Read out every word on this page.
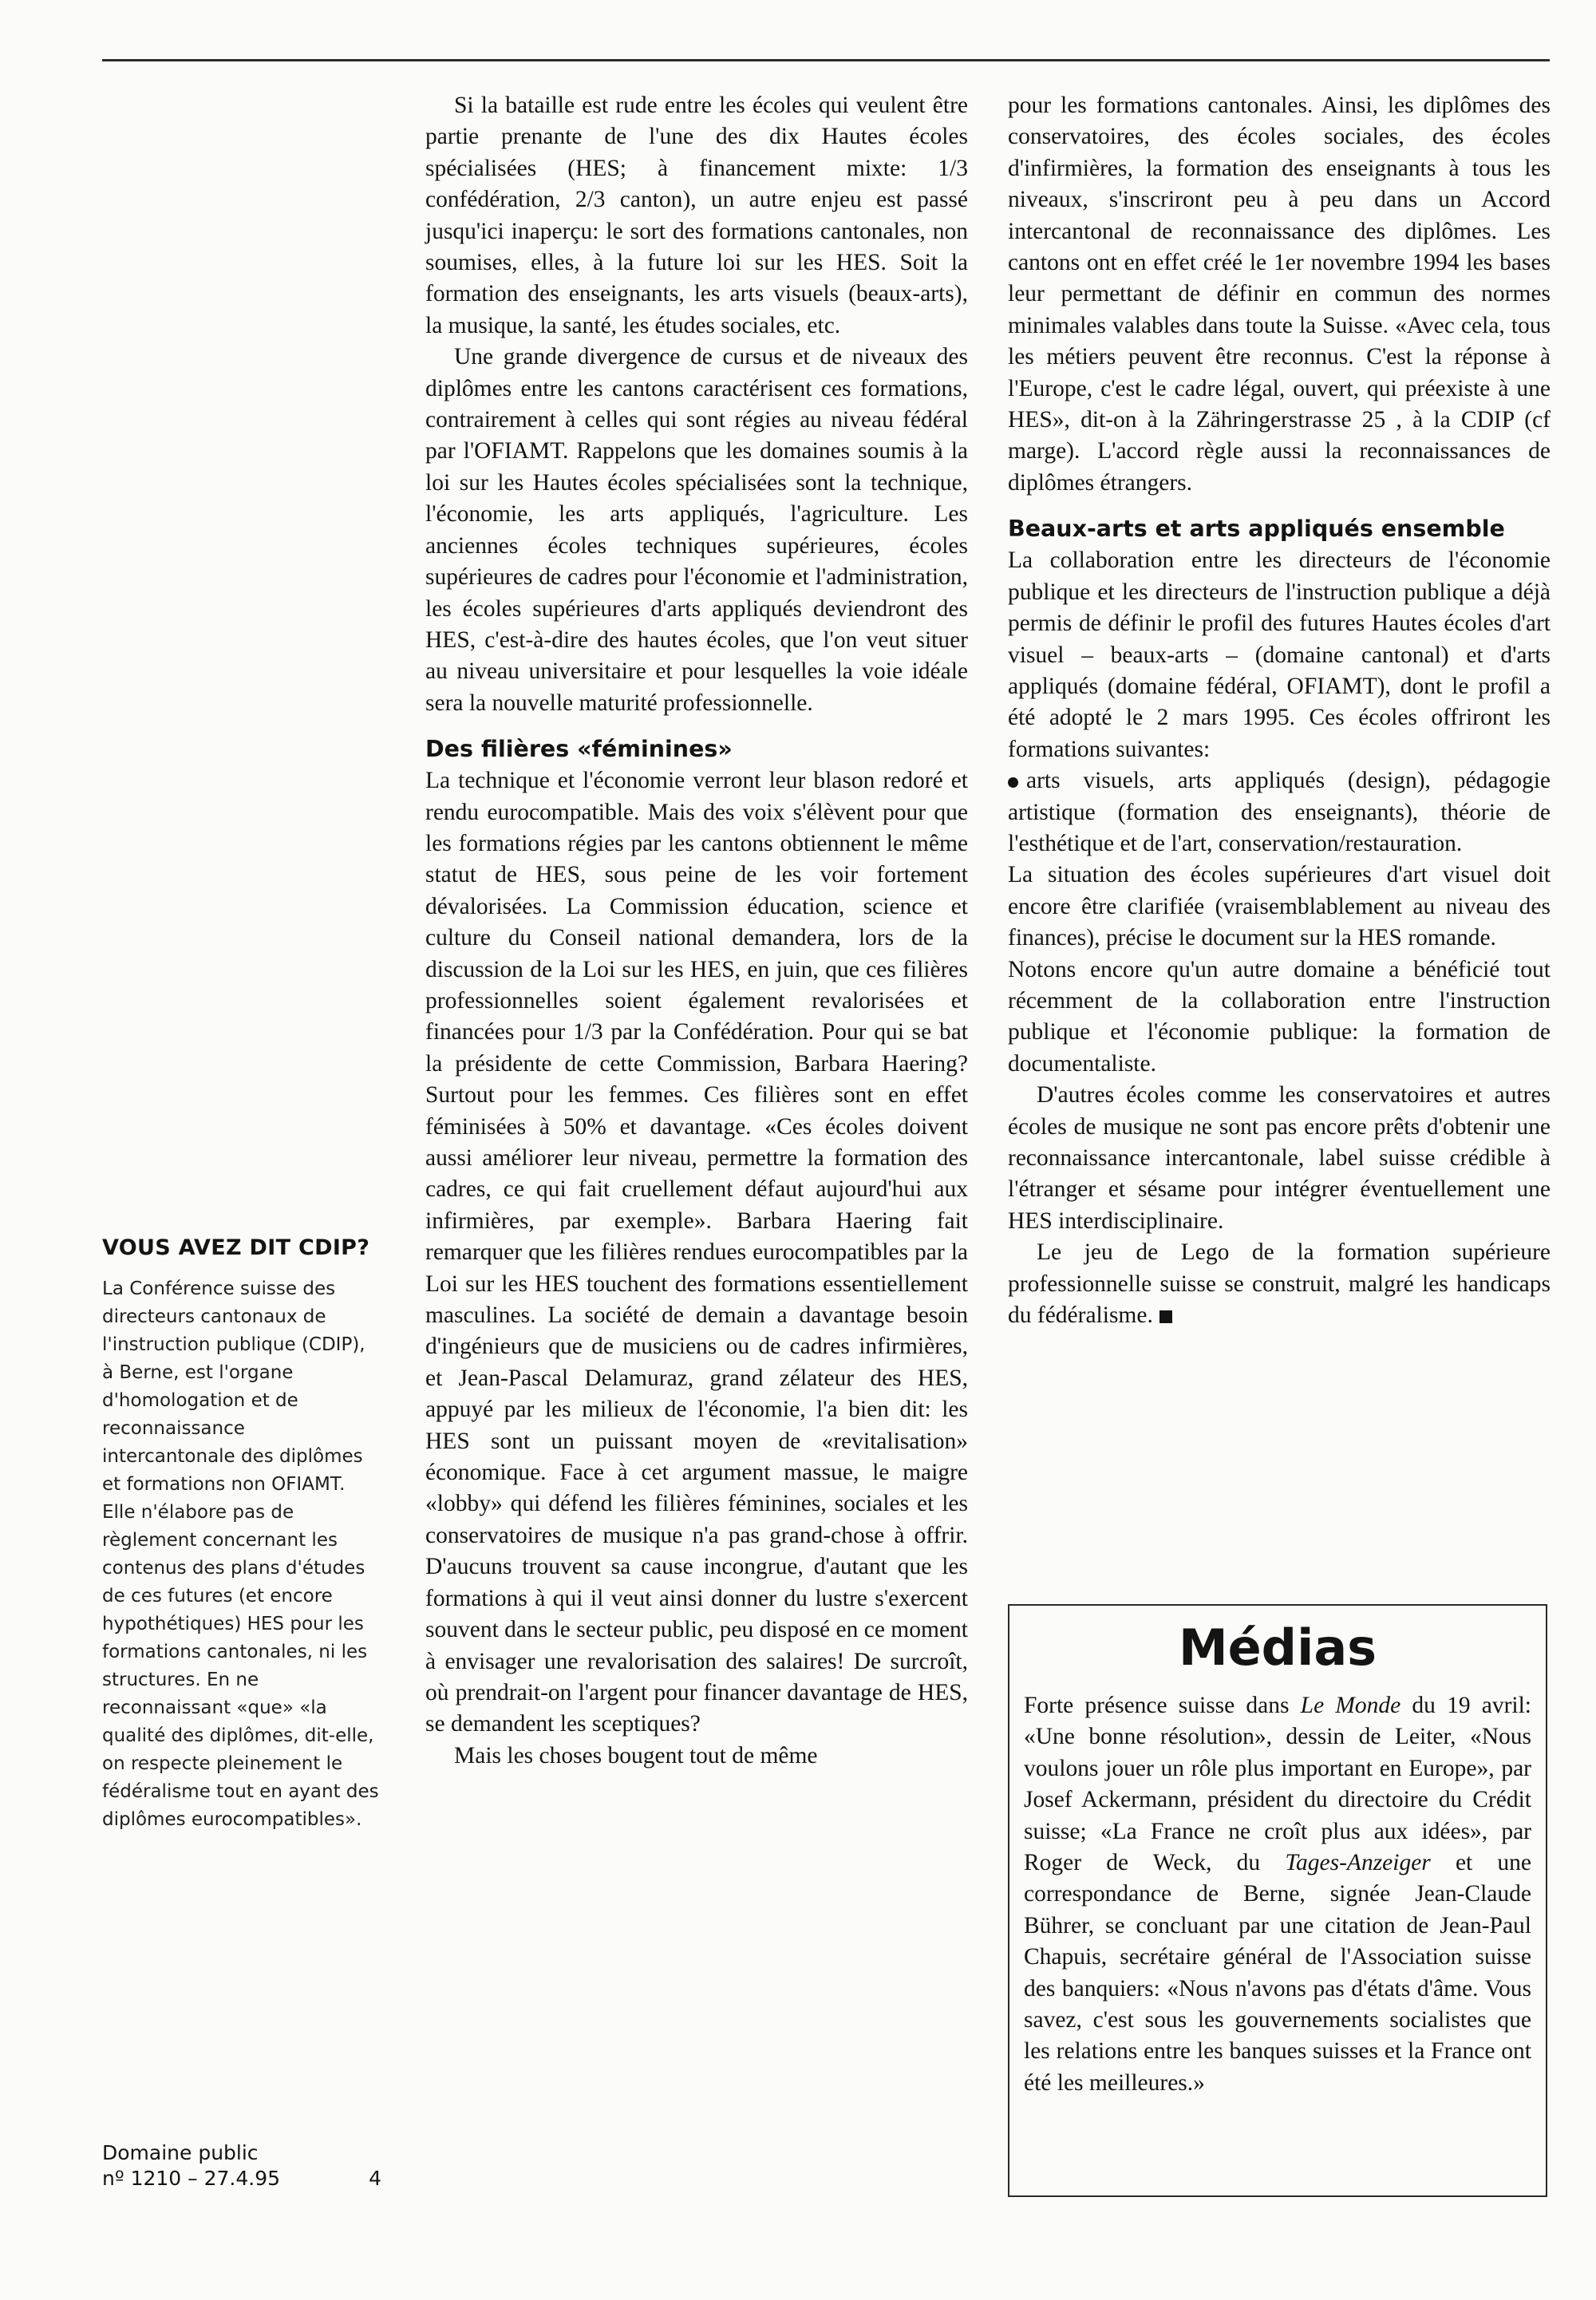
VOUS AVEZ DIT CDIP?

La Conférence suisse des directeurs cantonaux de l'instruction publique (CDIP), à Berne, est l'organe d'homologation et de reconnaissance intercantonale des diplômes et formations non OFIAMT. Elle n'élabore pas de règlement concernant les contenus des plans d'études de ces futures (et encore hypothétiques) HES pour les formations cantonales, ni les structures. En ne reconnaissant «que» «la qualité des diplômes, dit-elle, on respecte pleinement le fédéralisme tout en ayant des diplômes eurocompatibles».

Domaine public
nº 1210 – 27.4.95	4

Si la bataille est rude entre les écoles qui veulent être partie prenante de l'une des dix Hautes écoles spécialisées (HES; à financement mixte: 1/3 confédération, 2/3 canton), un autre enjeu est passé jusqu'ici inaperçu: le sort des formations cantonales, non soumises, elles, à la future loi sur les HES. Soit la formation des enseignants, les arts visuels (beaux-arts), la musique, la santé, les études sociales, etc.

Une grande divergence de cursus et de niveaux des diplômes entre les cantons caractérisent ces formations, contrairement à celles qui sont régies au niveau fédéral par l'OFIAMT. Rappelons que les domaines soumis à la loi sur les Hautes écoles spécialisées sont la technique, l'économie, les arts appliqués, l'agriculture. Les anciennes écoles techniques supérieures, écoles supérieures de cadres pour l'économie et l'administration, les écoles supérieures d'arts appliqués deviendront des HES, c'est-à-dire des hautes écoles, que l'on veut situer au niveau universitaire et pour lesquelles la voie idéale sera la nouvelle maturité professionnelle.

Des filières «féminines»

La technique et l'économie verront leur blason redoré et rendu eurocompatible. Mais des voix s'élèvent pour que les formations régies par les cantons obtiennent le même statut de HES, sous peine de les voir fortement dévalorisées. La Commission éducation, science et culture du Conseil national demandera, lors de la discussion de la Loi sur les HES, en juin, que ces filières professionnelles soient également revalorisées et financées pour 1/3 par la Confédération. Pour qui se bat la présidente de cette Commission, Barbara Haering? Surtout pour les femmes. Ces filières sont en effet féminisées à 50% et davantage. «Ces écoles doivent aussi améliorer leur niveau, permettre la formation des cadres, ce qui fait cruellement défaut aujourd'hui aux infirmières, par exemple». Barbara Haering fait remarquer que les filières rendues eurocompatibles par la Loi sur les HES touchent des formations essentiellement masculines. La société de demain a davantage besoin d'ingénieurs que de musiciens ou de cadres infirmières, et Jean-Pascal Delamuraz, grand zélateur des HES, appuyé par les milieux de l'économie, l'a bien dit: les HES sont un puissant moyen de «revitalisation» économique. Face à cet argument massue, le maigre «lobby» qui défend les filières féminines, sociales et les conservatoires de musique n'a pas grand-chose à offrir. D'aucuns trouvent sa cause incongrue, d'autant que les formations à qui il veut ainsi donner du lustre s'exercent souvent dans le secteur public, peu disposé en ce moment à envisager une revalorisation des salaires! De surcroît, où prendrait-on l'argent pour financer davantage de HES, se demandent les sceptiques?

Mais les choses bougent tout de même

pour les formations cantonales. Ainsi, les diplômes des conservatoires, des écoles sociales, des écoles d'infirmières, la formation des enseignants à tous les niveaux, s'inscriront peu à peu dans un Accord intercantonal de reconnaissance des diplômes. Les cantons ont en effet créé le 1er novembre 1994 les bases leur permettant de définir en commun des normes minimales valables dans toute la Suisse. «Avec cela, tous les métiers peuvent être reconnus. C'est la réponse à l'Europe, c'est le cadre légal, ouvert, qui préexiste à une HES», dit-on à la Zähringerstrasse 25 , à la CDIP (cf marge). L'accord règle aussi la reconnaissances de diplômes étrangers.

Beaux-arts et arts appliqués ensemble

La collaboration entre les directeurs de l'économie publique et les directeurs de l'instruction publique a déjà permis de définir le profil des futures Hautes écoles d'art visuel – beaux-arts – (domaine cantonal) et d'arts appliqués (domaine fédéral, OFIAMT), dont le profil a été adopté le 2 mars 1995. Ces écoles offriront les formations suivantes:

arts visuels, arts appliqués (design), pédagogie artistique (formation des enseignants), théorie de l'esthétique et de l'art, conservation/restauration.

La situation des écoles supérieures d'art visuel doit encore être clarifiée (vraisemblablement au niveau des finances), précise le document sur la HES romande.

Notons encore qu'un autre domaine a bénéficié tout récemment de la collaboration entre l'instruction publique et l'économie publique: la formation de documentaliste.

D'autres écoles comme les conservatoires et autres écoles de musique ne sont pas encore prêts d'obtenir une reconnaissance intercantonale, label suisse crédible à l'étranger et sésame pour intégrer éventuellement une HES interdisciplinaire.

Le jeu de Lego de la formation supérieure professionnelle suisse se construit, malgré les handicaps du fédéralisme.

Médias

Forte présence suisse dans Le Monde du 19 avril: «Une bonne résolution», dessin de Leiter, «Nous voulons jouer un rôle plus important en Europe», par Josef Ackermann, président du directoire du Crédit suisse; «La France ne croît plus aux idées», par Roger de Weck, du Tages-Anzeiger et une correspondance de Berne, signée Jean-Claude Bührer, se concluant par une citation de Jean-Paul Chapuis, secrétaire général de l'Association suisse des banquiers: «Nous n'avons pas d'états d'âme. Vous savez, c'est sous les gouvernements socialistes que les relations entre les banques suisses et la France ont été les meilleures.»
